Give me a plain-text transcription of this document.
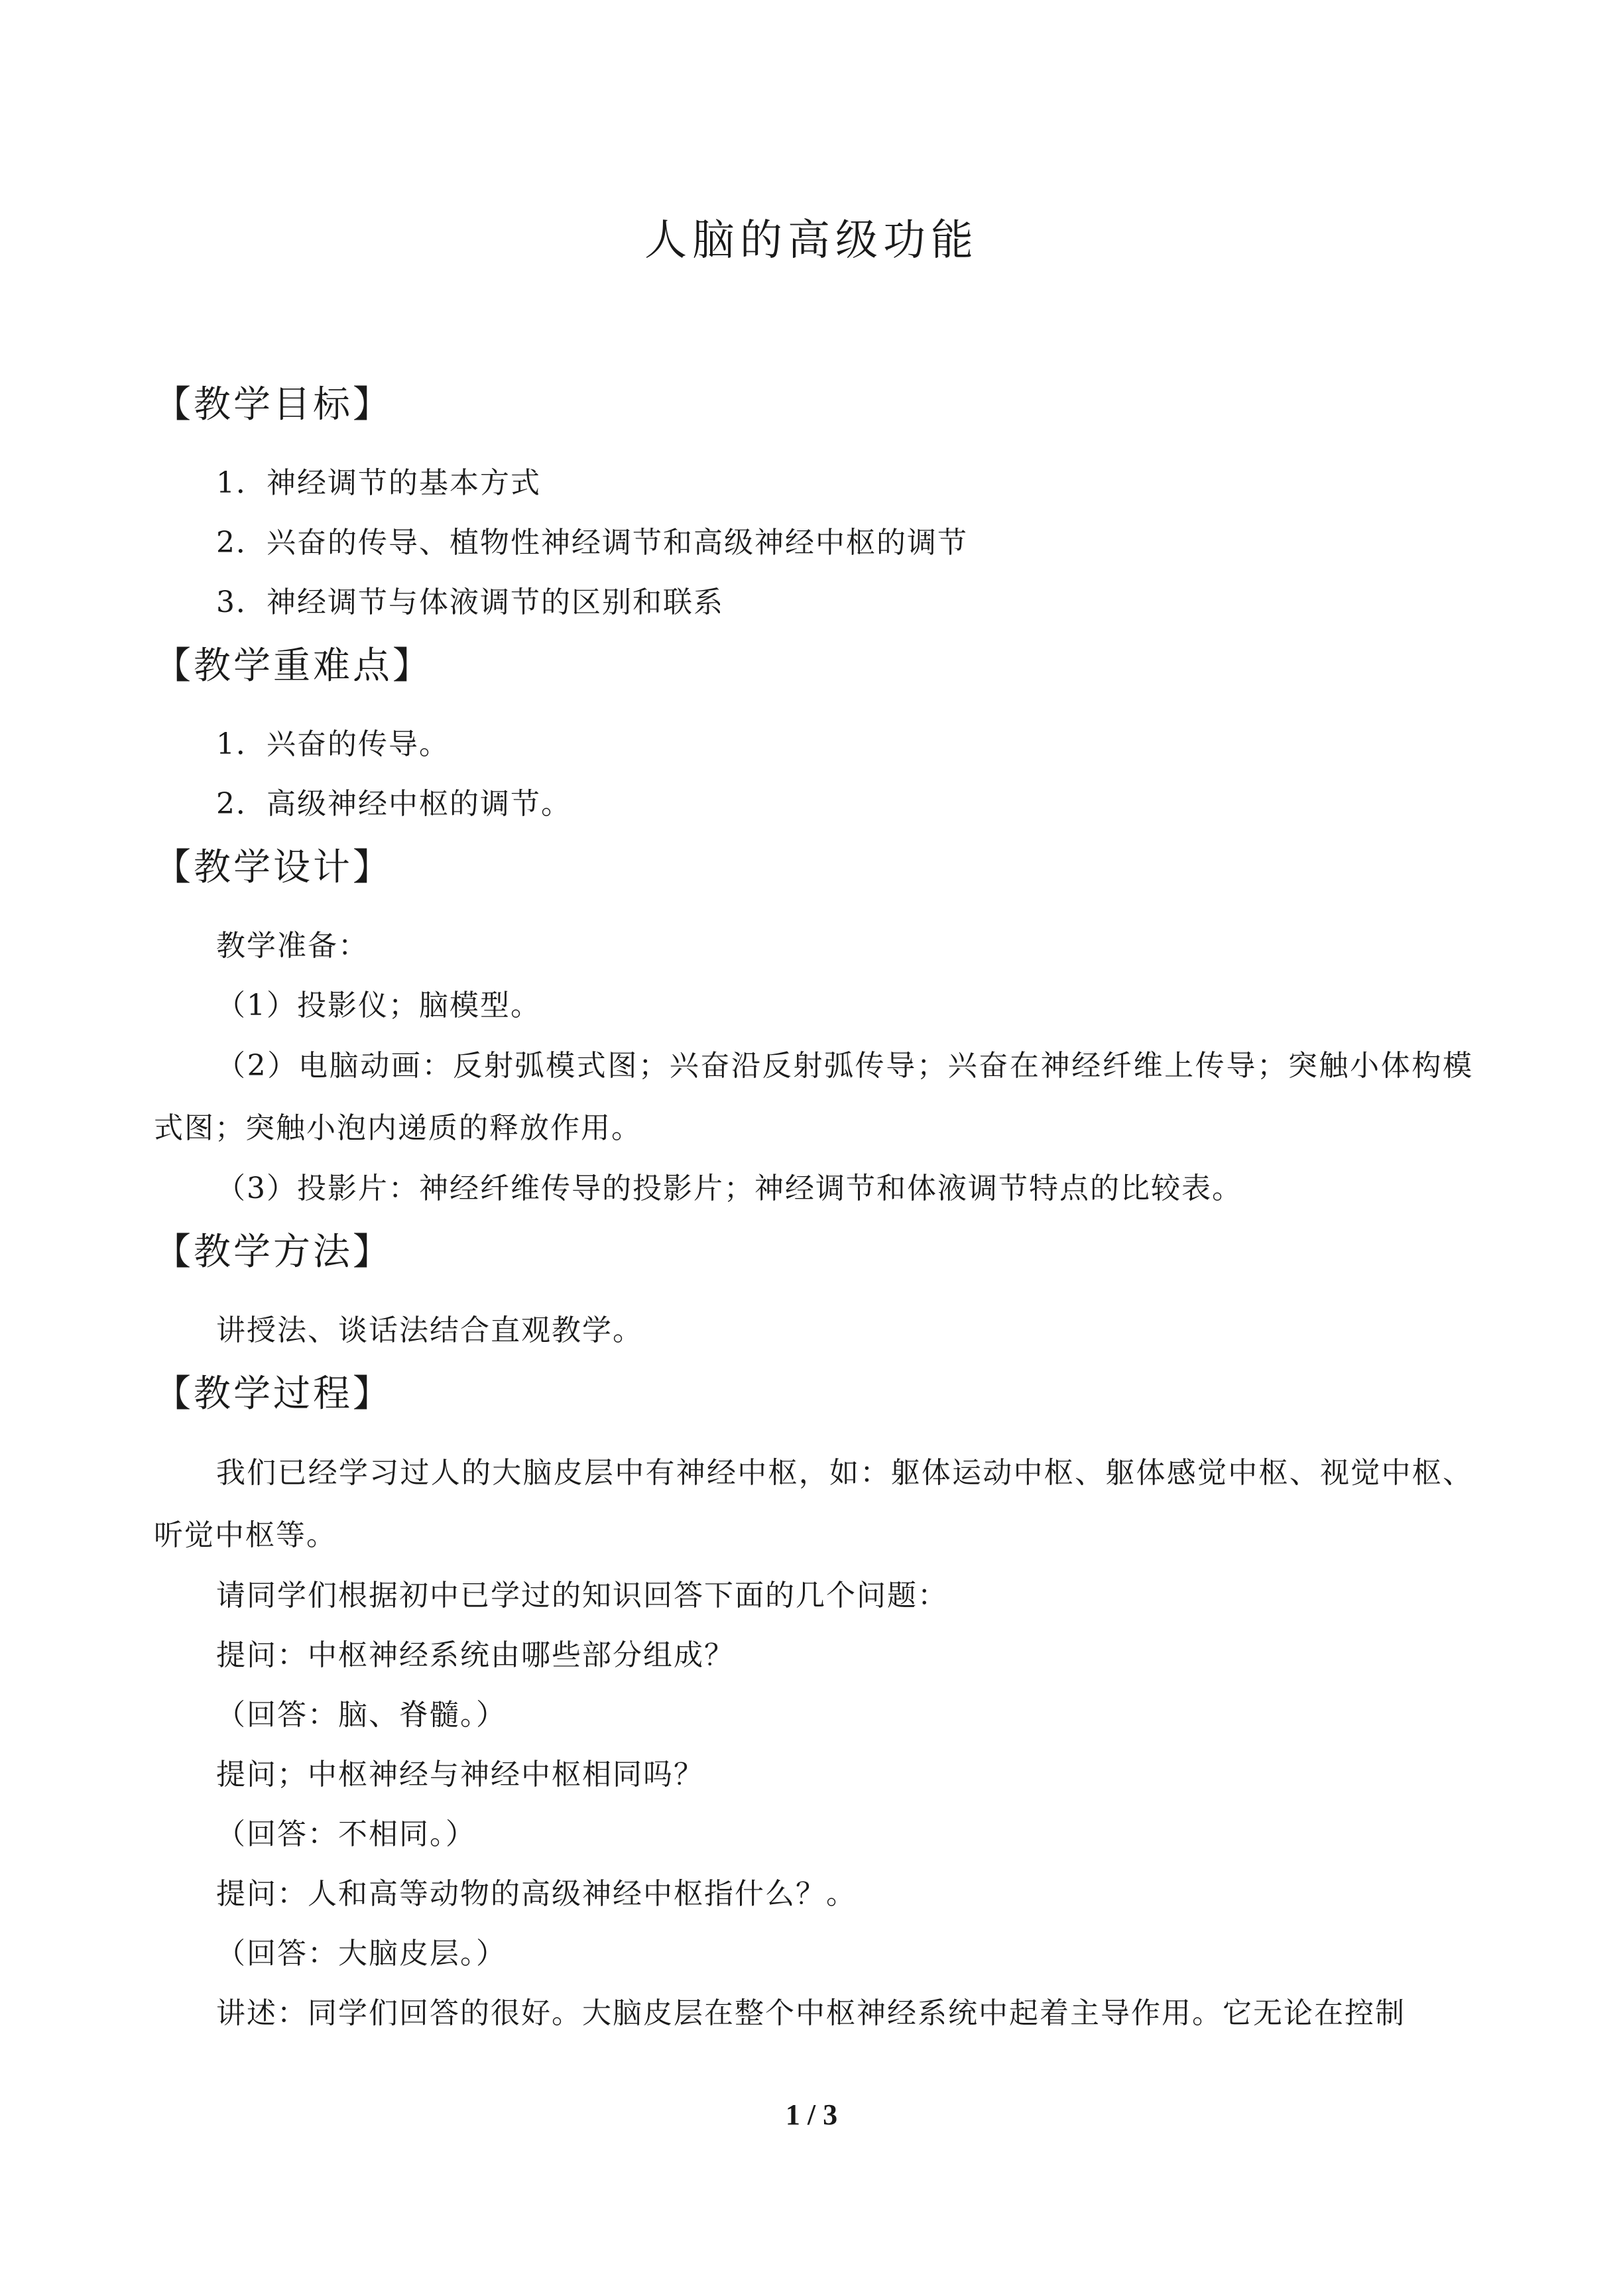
人脑的高级功能
【教学目标】
1．神经调节的基本方式
2．兴奋的传导、植物性神经调节和高级神经中枢的调节
3．神经调节与体液调节的区别和联系
【教学重难点】
1．兴奋的传导。
2．高级神经中枢的调节。
【教学设计】
教学准备：
（1）投影仪；脑模型。
（2）电脑动画：反射弧模式图；兴奋沿反射弧传导；兴奋在神经纤维上传导；突触小体构模式图；突触小泡内递质的释放作用。
（3）投影片：神经纤维传导的投影片；神经调节和体液调节特点的比较表。
【教学方法】
讲授法、谈话法结合直观教学。
【教学过程】
我们已经学习过人的大脑皮层中有神经中枢，如：躯体运动中枢、躯体感觉中枢、视觉中枢、听觉中枢等。
请同学们根据初中已学过的知识回答下面的几个问题：
提问：中枢神经系统由哪些部分组成？
（回答：脑、脊髓。）
提问；中枢神经与神经中枢相同吗？
（回答：不相同。）
提问：人和高等动物的高级神经中枢指什么？。
（回答：大脑皮层。）
讲述：同学们回答的很好。大脑皮层在整个中枢神经系统中起着主导作用。它无论在控制
1 / 3
